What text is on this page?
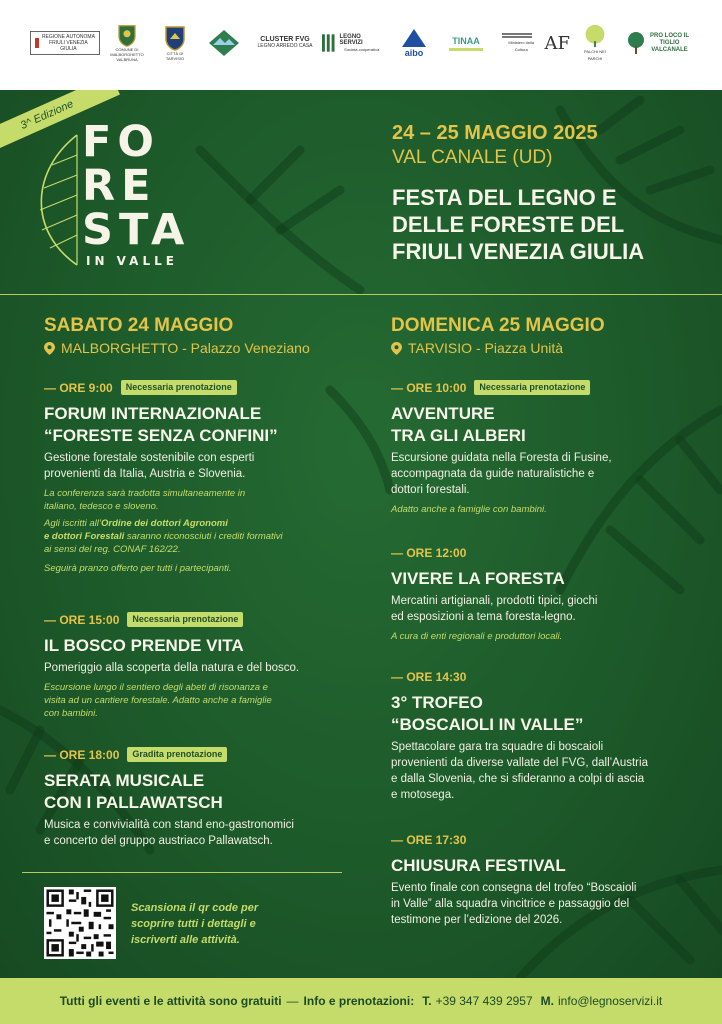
REGIONE AUTONOMA FRIULI VENEZIA GIULIA	COMUNE DI MALBORGHETTO VALBRUNA
CITTÀ DI TARVISIO
CLUSTER FVG
LEGNO ARREDO CASA
LEGNO SERVIZI
Società cooperativa	aibo
TINAA	Ministero della Cultura AF	PALCHI NEI PARCHI
PRO LOCO IL TIGLIO VALCANALE
3^ Edizione
FO
RE
STA
IN VALLE
24 – 25 MAGGIO 2025
VAL CANALE (UD)
FESTA DEL LEGNO E
DELLE FORESTE DEL
FRIULI VENEZIA GIULIA
SABATO 24 MAGGIO
MALBORGHETTO - Palazzo Veneziano
— ORE 9:00	Necessaria prenotazione
FORUM INTERNAZIONALE
“FORESTE SENZA CONFINI”
Gestione forestale sostenibile con esperti
provenienti da Italia, Austria e Slovenia.
La conferenza sarà tradotta simultaneamente in
italiano, tedesco e sloveno.
Agli iscritti all’Ordine dei dottori Agronomi
e dottori Forestali saranno riconosciuti i crediti formativi
ai sensi del reg. CONAF 162/22.
Seguirà pranzo offerto per tutti i partecipanti.
— ORE 15:00	Necessaria prenotazione
IL BOSCO PRENDE VITA
Pomeriggio alla scoperta della natura e del bosco.
Escursione lungo il sentiero degli abeti di risonanza e
visita ad un cantiere forestale. Adatto anche a famiglie
con bambini.
— ORE 18:00	Gradita prenotazione
SERATA MUSICALE
CON I PALLAWATSCH
Musica e convivialità con stand eno-gastronomici
e concerto del gruppo austriaco Pallawatsch.
Scansiona il qr code per
scoprire tutti i dettagli e
iscriverti alle attività.
DOMENICA 25 MAGGIO
TARVISIO - Piazza Unità
— ORE 10:00	Necessaria prenotazione
AVVENTURE
TRA GLI ALBERI
Escursione guidata nella Foresta di Fusine,
accompagnata da guide naturalistiche e
dottori forestali.
Adatto anche a famiglie con bambini.
— ORE 12:00
VIVERE LA FORESTA
Mercatini artigianali, prodotti tipici, giochi
ed esposizioni a tema foresta-legno.
A cura di enti regionali e produttori locali.
— ORE 14:30
3° TROFEO
“BOSCAIOLI IN VALLE”
Spettacolare gara tra squadre di boscaioli
provenienti da diverse vallate del FVG, dall’Austria
e dalla Slovenia, che si sfideranno a colpi di ascia
e motosega.
— ORE 17:30
CHIUSURA FESTIVAL
Evento finale con consegna del trofeo “Boscaioli
in Valle” alla squadra vincitrice e passaggio del
testimone per l’edizione del 2026.
Tutti gli eventi e le attività sono gratuiti — Info e prenotazioni: T. +39 347 439 2957 M. info@legnoservizi.it
